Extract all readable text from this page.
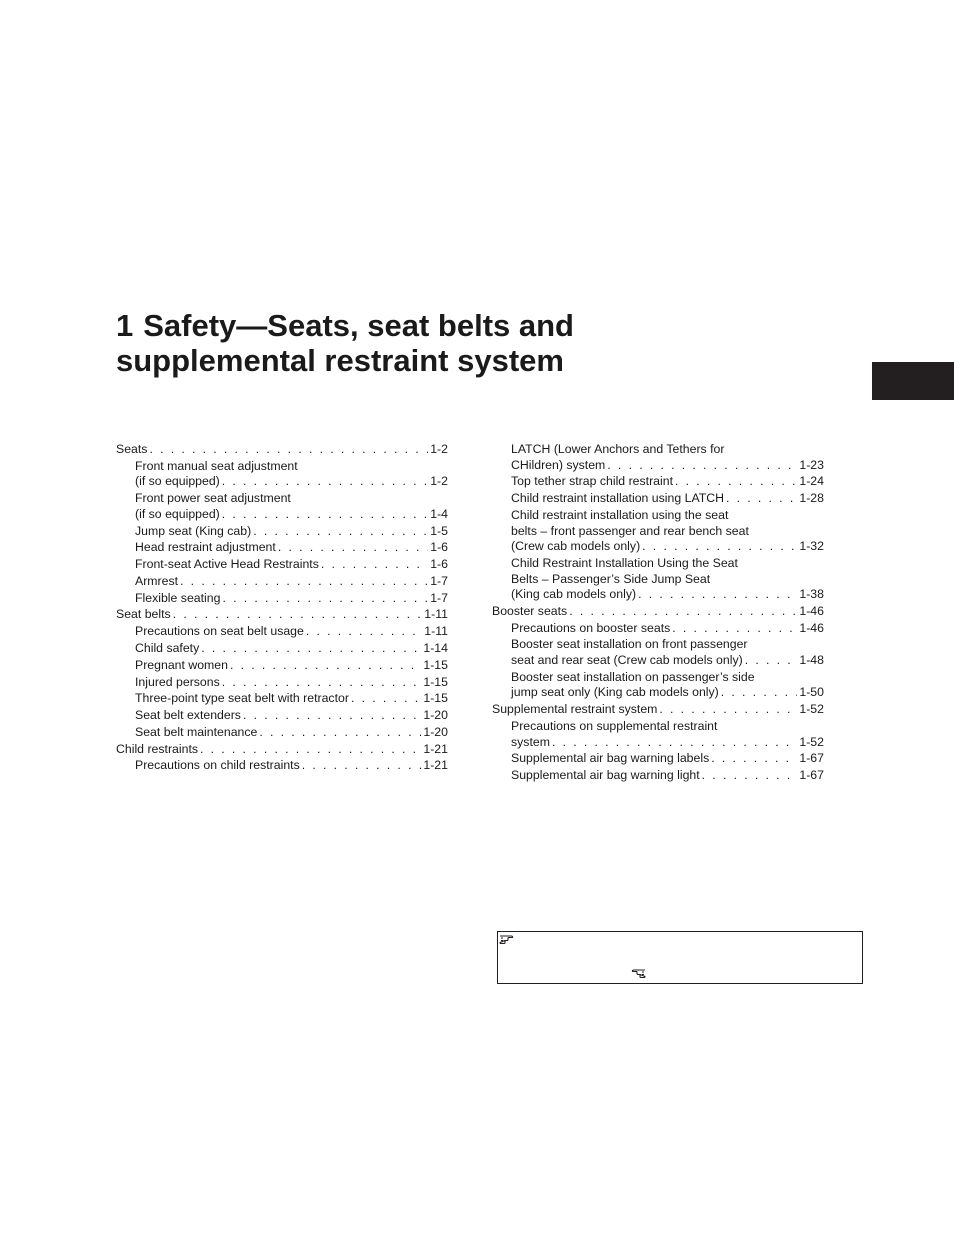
1 Safety—Seats, seat belts and
supplemental restraint system
Seats . . .	1-2
Front manual seat adjustment
(if so equipped) . . .	1-2
Front power seat adjustment
(if so equipped) . . .	1-4
Jump seat (King cab) . . .	1-5
Head restraint adjustment . . .	1-6
Front-seat Active Head Restraints . . .	1-6
Armrest . . .	1-7
Flexible seating . . .	1-7
Seat belts . . .	1-11
Precautions on seat belt usage . . .	1-11
Child safety . . .	1-14
Pregnant women . . .	1-15
Injured persons . . .	1-15
Three-point type seat belt with retractor . . .	1-15
Seat belt extenders . . .	1-20
Seat belt maintenance . . .	1-20
Child restraints . . .	1-21
Precautions on child restraints . . .	1-21
LATCH (Lower Anchors and Tethers for
CHildren) system . . .	1-23
Top tether strap child restraint . . .	1-24
Child restraint installation using LATCH . . .	1-28
Child restraint installation using the seat
belts – front passenger and rear bench seat
(Crew cab models only) . . .	1-32
Child Restraint Installation Using the Seat
Belts – Passenger’s Side Jump Seat
(King cab models only) . . .	1-38
Booster seats . . .	1-46
Precautions on booster seats . . .	1-46
Booster seat installation on front passenger
seat and rear seat (Crew cab models only) . . .	1-48
Booster seat installation on passenger’s side
jump seat only (King cab models only) . . .	1-50
Supplemental restraint system . . .	1-52
Precautions on supplemental restraint
system . . .	1-52
Supplemental air bag warning labels . . .	1-67
Supplemental air bag warning light . . .	1-67
